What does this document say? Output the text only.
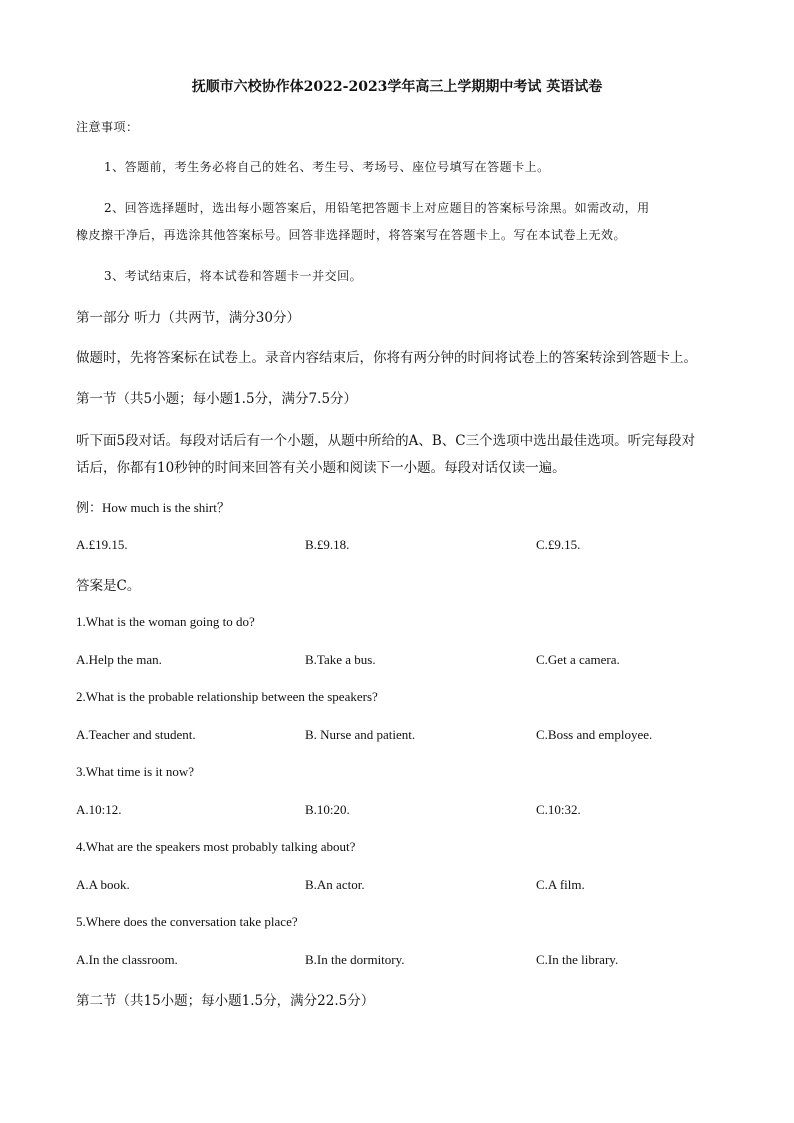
抚顺市六校协作体2022-2023学年高三上学期期中考试 英语试卷
注意事项：
1、答题前，考生务必将自己的姓名、考生号、考场号、座位号填写在答题卡上。
2、回答选择题时，选出每小题答案后，用铅笔把答题卡上对应题目的答案标号涂黑。如需改动，用
橡皮擦干净后，再选涂其他答案标号。回答非选择题时，将答案写在答题卡上。写在本试卷上无效。
3、考试结束后，将本试卷和答题卡一并交回。
第一部分 听力（共两节，满分30分）
做题时，先将答案标在试卷上。录音内容结束后，你将有两分钟的时间将试卷上的答案转涂到答题卡上。
第一节（共5小题；每小题1.5分，满分7.5分）
听下面5段对话。每段对话后有一个小题，从题中所给的A、B、C三个选项中选出最佳选项。听完每段对
话后，你都有10秒钟的时间来回答有关小题和阅读下一小题。每段对话仅读一遍。
例：How much is the shirt？
A.£19.15.	B.£9.18.	C.£9.15.
答案是C。
1.What is the woman going to do?
A.Help the man.	B.Take a bus.	C.Get a camera.
2.What is the probable relationship between the speakers?
A.Teacher and student.	B. Nurse and patient.	C.Boss and employee.
3.What time is it now?
A.10:12.	B.10:20.	C.10:32.
4.What are the speakers most probably talking about?
A.A book.	B.An actor.	C.A film.
5.Where does the conversation take place?
A.In the classroom.	B.In the dormitory.	C.In the library.
第二节（共15小题；每小题1.5分，满分22.5分）
